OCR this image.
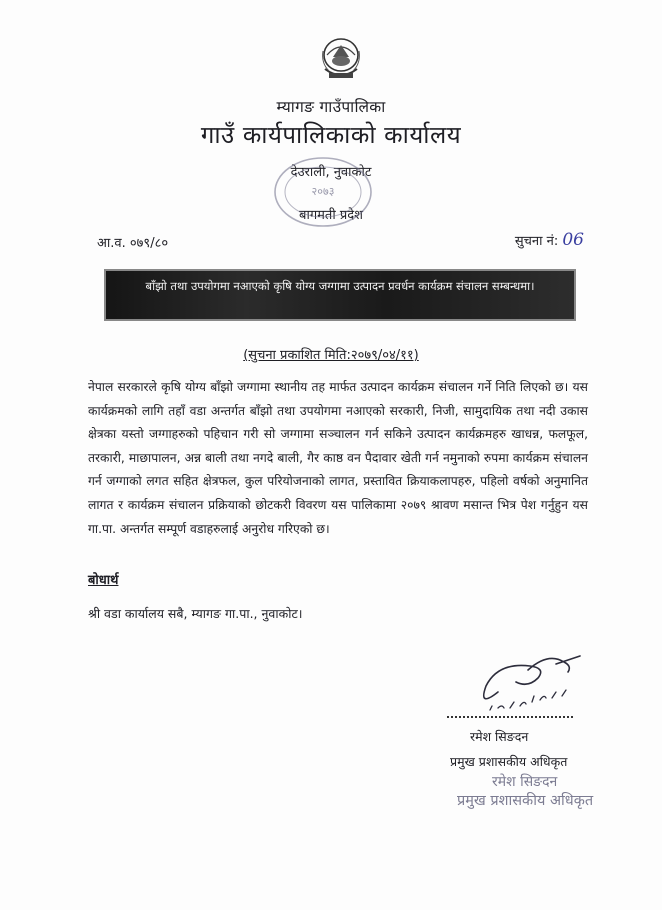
म्यागङ गाउँपालिका
गाउँ कार्यपालिकाको कार्यालय
देउराली, नुवाकोट
बागमती प्रदेश
२०७३
आ.व. ०७९/८०	सुचना नं: 06
बाँझो तथा उपयोगमा नआएको कृषि योग्य जग्गामा उत्पादन प्रवर्धन कार्यक्रम संचालन सम्बन्धमा।
(सुचना प्रकाशित मिति:२०७९/०४/११)
नेपाल सरकारले कृषि योग्य बाँझो जग्गामा स्थानीय तह मार्फत उत्पादन कार्यक्रम संचालन गर्ने निति लिएको छ। यस कार्यक्रमको लागि तहाँ वडा अन्तर्गत बाँझो तथा उपयोगमा नआएको सरकारी, निजी, सामुदायिक तथा नदी उकास क्षेत्रका यस्तो जग्गाहरुको पहिचान गरी सो जग्गामा सञ्चालन गर्न सकिने उत्पादन कार्यक्रमहरु खाधन्न, फलफूल, तरकारी, माछापालन, अन्न बाली तथा नगदे बाली, गैर काष्ठ वन पैदावार खेती गर्न नमुनाको रुपमा कार्यक्रम संचालन गर्न जग्गाको लगत सहित क्षेत्रफल, कुल परियोजनाको लागत, प्रस्तावित क्रियाकलापहरु, पहिलो वर्षको अनुमानित लागत र कार्यक्रम संचालन प्रक्रियाको छोटकरी विवरण यस पालिकामा २०७९ श्रावण मसान्त भित्र पेश गर्नुहुन यस गा.पा. अन्तर्गत सम्पूर्ण वडाहरुलाई अनुरोध गरिएको छ।
बोधार्थ
श्री वडा कार्यालय सबै, म्यागङ गा.पा., नुवाकोट।
रमेश सिङदन
प्रमुख प्रशासकीय अधिकृत
रमेश सिङदन
प्रमुख प्रशासकीय अधिकृत
